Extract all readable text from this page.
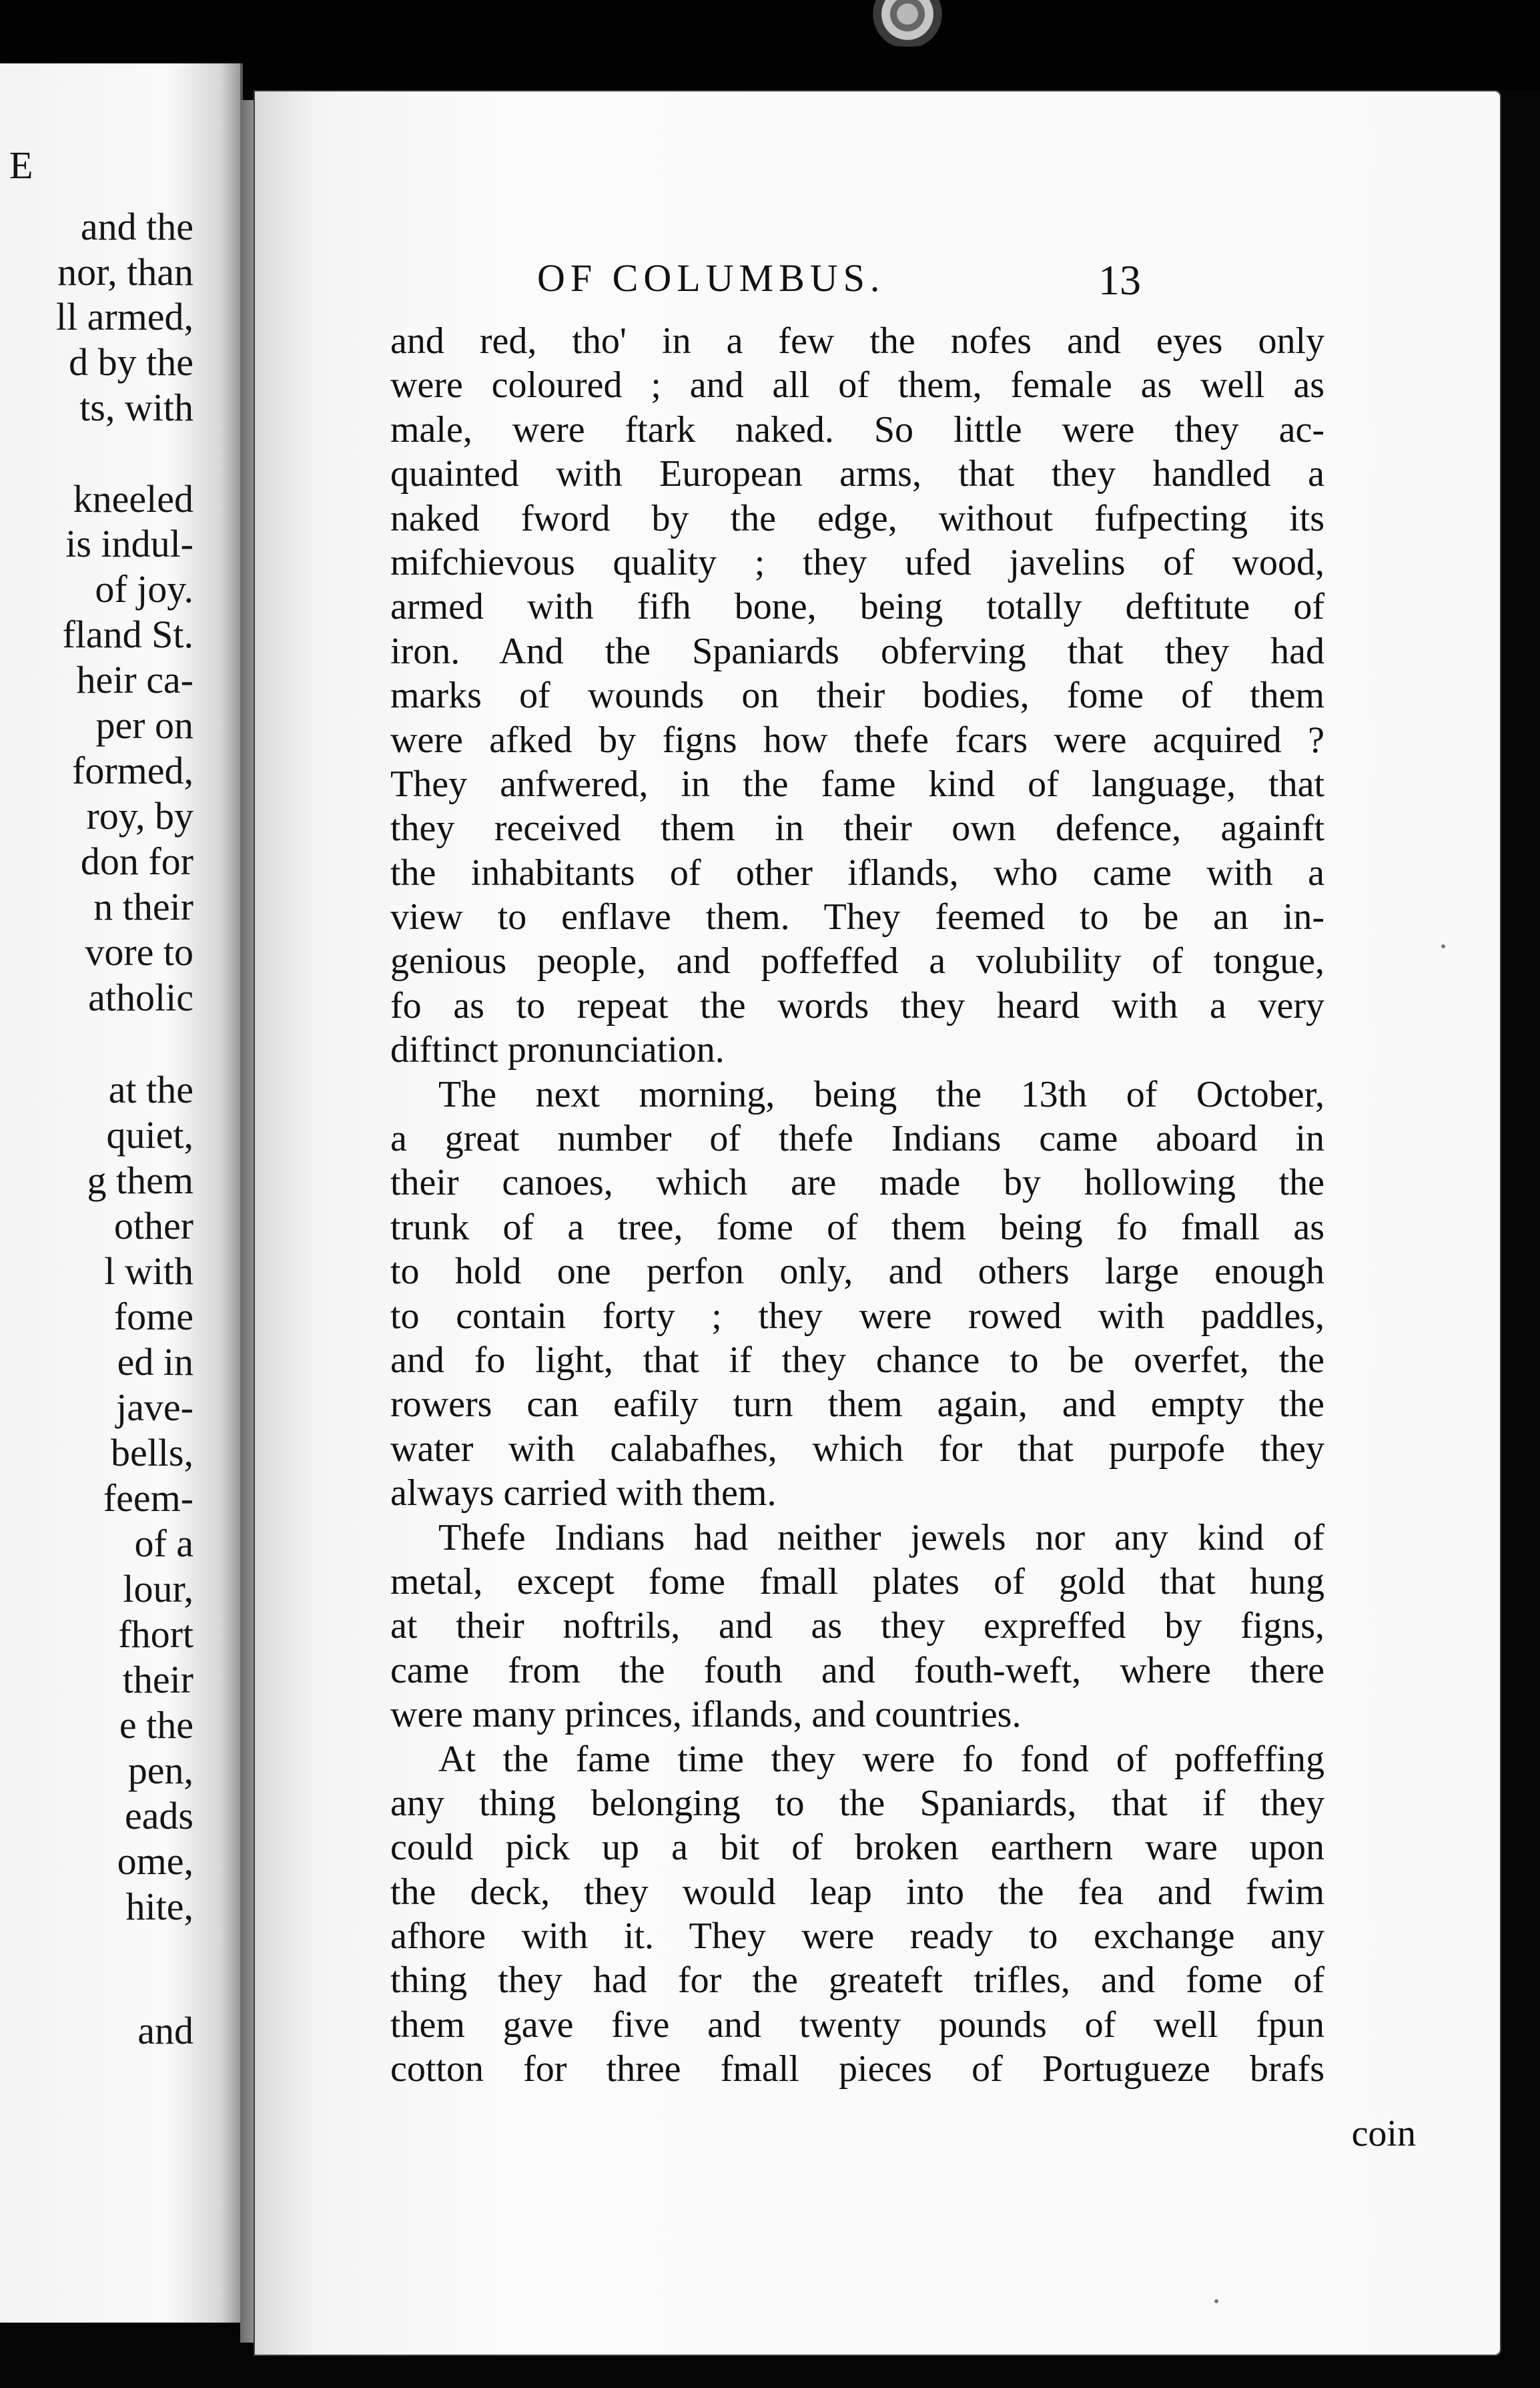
E
and the
nor, than
ll armed,
d by the
ts, with
kneeled
is indul-
of joy.
fland St.
heir ca-
per on
formed,
roy, by
don for
n their
vore to
atholic
at the
quiet,
g them
other
l with
fome
ed in
jave-
bells,
feem-
of a
lour,
fhort
their
e the
pen,
eads
ome,
hite,
and
OF COLUMBUS.	13
and red, tho' in a few the nofes and eyes only
were coloured ; and all of them, female as well as
male, were ftark naked. So little were they ac-
quainted with European arms, that they handled a
naked fword by the edge, without fufpecting its
mifchievous quality ; they ufed javelins of wood,
armed with fifh bone, being totally deftitute of
iron. And the Spaniards obferving that they had
marks of wounds on their bodies, fome of them
were afked by figns how thefe fcars were acquired ?
They anfwered, in the fame kind of language, that
they received them in their own defence, againft
the inhabitants of other iflands, who came with a
view to enflave them. They feemed to be an in-
genious people, and poffeffed a volubility of tongue,
fo as to repeat the words they heard with a very
diftinct pronunciation.
The next morning, being the 13th of October,
a great number of thefe Indians came aboard in
their canoes, which are made by hollowing the
trunk of a tree, fome of them being fo fmall as
to hold one perfon only, and others large enough
to contain forty ; they were rowed with paddles,
and fo light, that if they chance to be overfet, the
rowers can eafily turn them again, and empty the
water with calabafhes, which for that purpofe they
always carried with them.
Thefe Indians had neither jewels nor any kind of
metal, except fome fmall plates of gold that hung
at their noftrils, and as they expreffed by figns,
came from the fouth and fouth-weft, where there
were many princes, iflands, and countries.
At the fame time they were fo fond of poffeffing
any thing belonging to the Spaniards, that if they
could pick up a bit of broken earthern ware upon
the deck, they would leap into the fea and fwim
afhore with it. They were ready to exchange any
thing they had for the greateft trifles, and fome of
them gave five and twenty pounds of well fpun
cotton for three fmall pieces of Portugueze brafs
coin
